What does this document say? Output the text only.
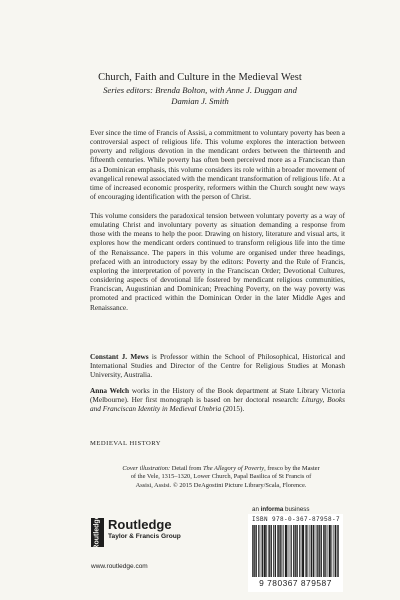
Church, Faith and Culture in the Medieval West

Series editors: Brenda Bolton, with Anne J. Duggan and
Damian J. Smith

Ever since the time of Francis of Assisi, a commitment to voluntary poverty has been a controversial aspect of religious life. This volume explores the interaction between poverty and religious devotion in the mendicant orders between the thirteenth and fifteenth centuries. While poverty has often been perceived more as a Franciscan than as a Dominican emphasis, this volume considers its role within a broader movement of evangelical renewal associated with the mendicant transformation of religious life. At a time of increased economic prosperity, reformers within the Church sought new ways of encouraging identification with the person of Christ.

This volume considers the paradoxical tension between voluntary poverty as a way of emulating Christ and involuntary poverty as situation demanding a response from those with the means to help the poor. Drawing on history, literature and visual arts, it explores how the mendicant orders continued to transform religious life into the time of the Renaissance. The papers in this volume are organised under three headings, prefaced with an introductory essay by the editors: Poverty and the Rule of Francis, exploring the interpretation of poverty in the Franciscan Order; Devotional Cultures, considering aspects of devotional life fostered by mendicant religious communities, Franciscan, Augustinian and Dominican; Preaching Poverty, on the way poverty was promoted and practiced within the Dominican Order in the later Middle Ages and Renaissance.

Constant J. Mews is Professor within the School of Philosophical, Historical and International Studies and Director of the Centre for Religious Studies at Monash University, Australia.

Anna Welch works in the History of the Book department at State Library Victoria (Melbourne). Her first monograph is based on her doctoral research: Liturgy, Books and Franciscan Identity in Medieval Umbria (2015).

MEDIEVAL HISTORY

Cover illustration: Detail from The Allegory of Poverty, fresco by the Master of the Vele, 1315–1320, Lower Church, Papal Basilica of St Francis of Assisi, Assisi. © 2015 DeAgostini Picture Library/Scala, Florence.

Routledge Routledge
Taylor & Francis Group
www.routledge.com
an informa business
ISBN 978-0-367-87958-7
9 780367 879587
